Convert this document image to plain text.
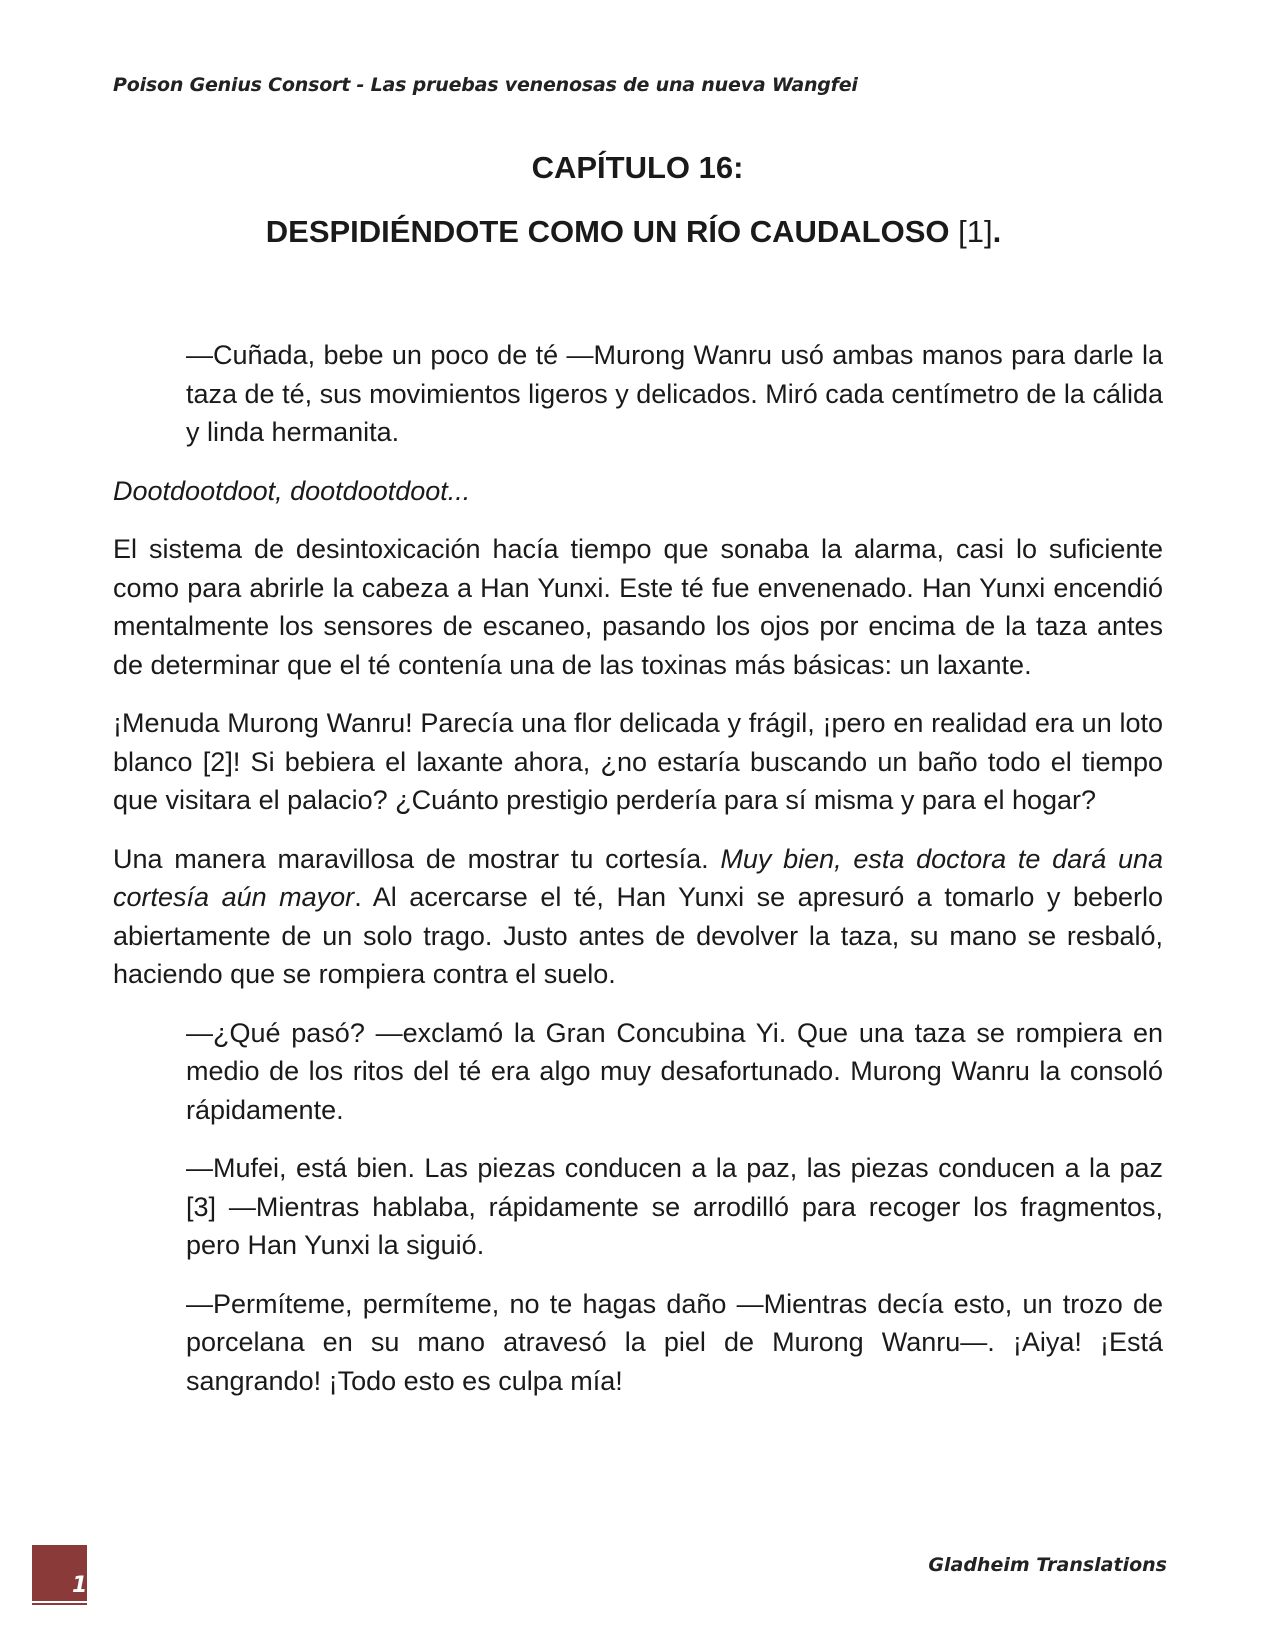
Poison Genius Consort - Las pruebas venenosas de una nueva Wangfei
CAPÍTULO 16:
DESPIDIÉNDOTE COMO UN RÍO CAUDALOSO [1].

—Cuñada, bebe un poco de té —Murong Wanru usó ambas manos para darle la taza de té, sus movimientos ligeros y delicados. Miró cada centímetro de la cálida y linda hermanita.

Dootdootdoot, dootdootdoot...

El sistema de desintoxicación hacía tiempo que sonaba la alarma, casi lo suficiente como para abrirle la cabeza a Han Yunxi. Este té fue envenenado. Han Yunxi encendió mentalmente los sensores de escaneo, pasando los ojos por encima de la taza antes de determinar que el té contenía una de las toxinas más básicas: un laxante.

¡Menuda Murong Wanru! Parecía una flor delicada y frágil, ¡pero en realidad era un loto blanco [2]! Si bebiera el laxante ahora, ¿no estaría buscando un baño todo el tiempo que visitara el palacio? ¿Cuánto prestigio perdería para sí misma y para el hogar?

Una manera maravillosa de mostrar tu cortesía. Muy bien, esta doctora te dará una cortesía aún mayor. Al acercarse el té, Han Yunxi se apresuró a tomarlo y beberlo abiertamente de un solo trago. Justo antes de devolver la taza, su mano se resbaló, haciendo que se rompiera contra el suelo.

—¿Qué pasó? —exclamó la Gran Concubina Yi. Que una taza se rompiera en medio de los ritos del té era algo muy desafortunado. Murong Wanru la consoló rápidamente.

—Mufei, está bien. Las piezas conducen a la paz, las piezas conducen a la paz [3] —Mientras hablaba, rápidamente se arrodilló para recoger los fragmentos, pero Han Yunxi la siguió.

—Permíteme, permíteme, no te hagas daño —Mientras decía esto, un trozo de porcelana en su mano atravesó la piel de Murong Wanru—. ¡Aiya! ¡Está sangrando! ¡Todo esto es culpa mía!

1
Gladheim Translations
